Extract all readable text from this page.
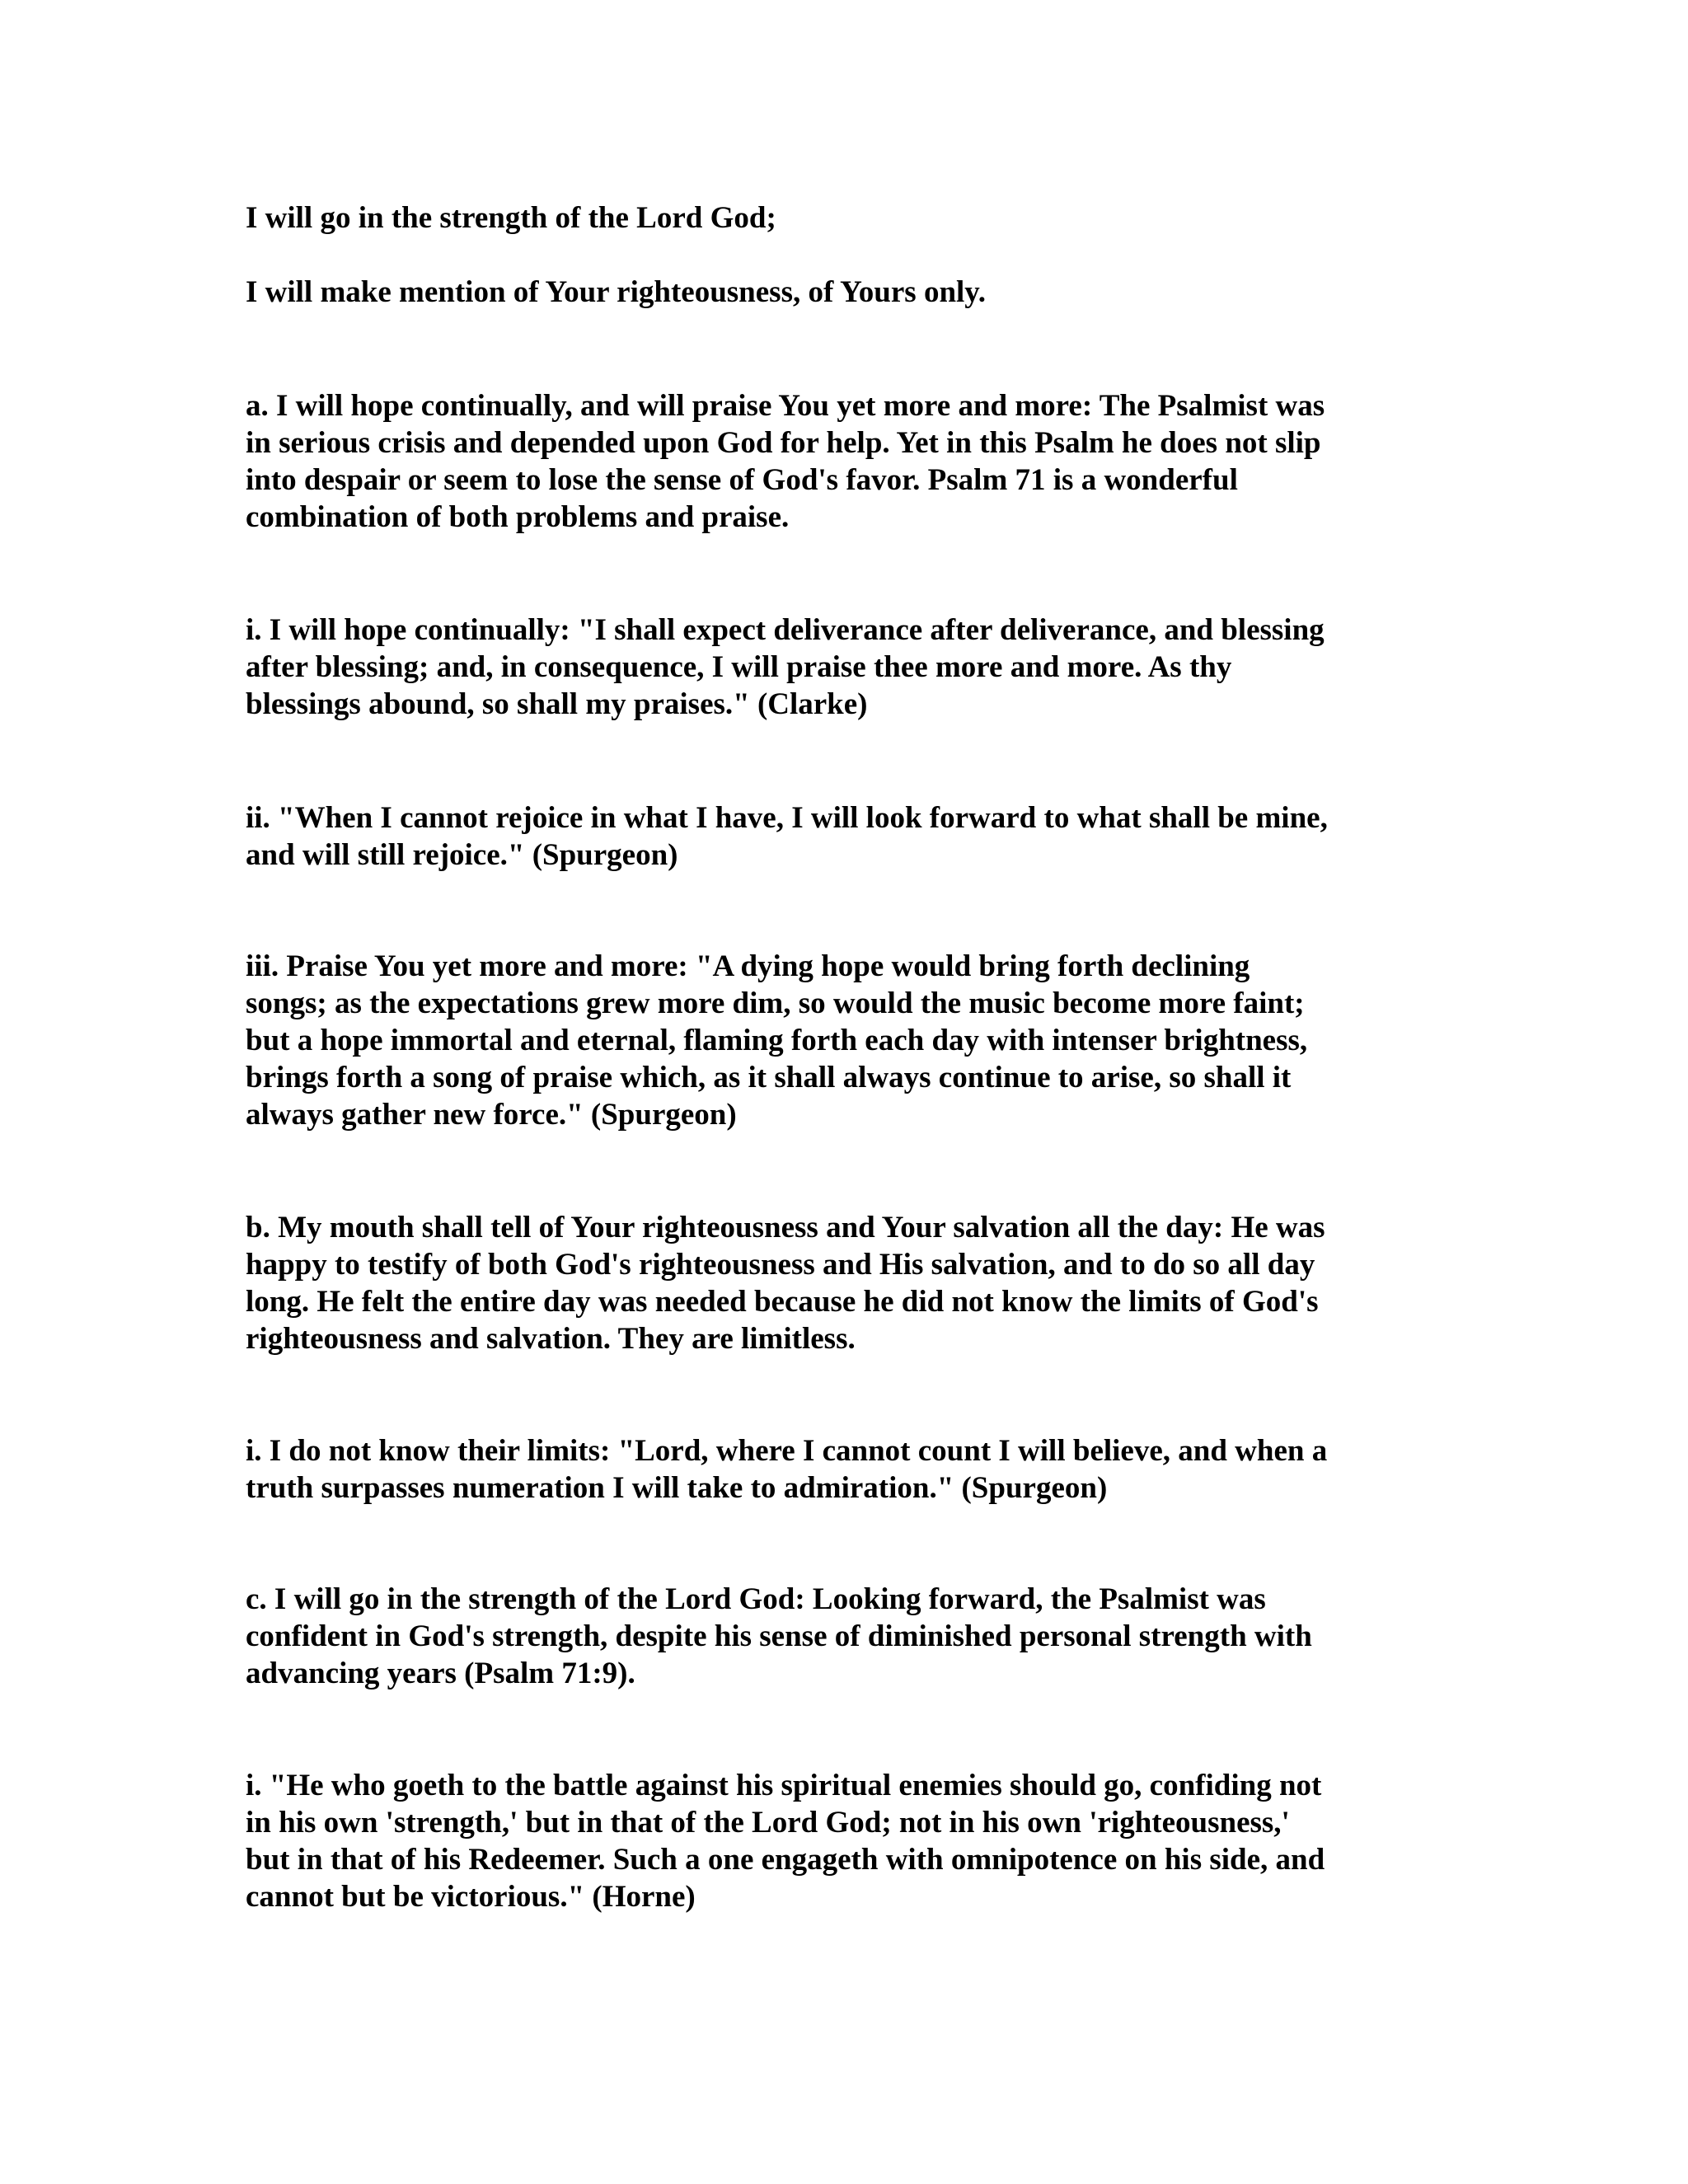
I will go in the strength of the Lord God;

I will make mention of Your righteousness, of Yours only.

a. I will hope continually, and will praise You yet more and more: The Psalmist was
in serious crisis and depended upon God for help. Yet in this Psalm he does not slip
into despair or seem to lose the sense of God's favor. Psalm 71 is a wonderful
combination of both problems and praise.

i. I will hope continually: "I shall expect deliverance after deliverance, and blessing
after blessing; and, in consequence, I will praise thee more and more. As thy
blessings abound, so shall my praises." (Clarke)

ii. "When I cannot rejoice in what I have, I will look forward to what shall be mine,
and will still rejoice." (Spurgeon)

iii. Praise You yet more and more: "A dying hope would bring forth declining
songs; as the expectations grew more dim, so would the music become more faint;
but a hope immortal and eternal, flaming forth each day with intenser brightness,
brings forth a song of praise which, as it shall always continue to arise, so shall it
always gather new force." (Spurgeon)

b. My mouth shall tell of Your righteousness and Your salvation all the day: He was
happy to testify of both God's righteousness and His salvation, and to do so all day
long. He felt the entire day was needed because he did not know the limits of God's
righteousness and salvation. They are limitless.

i. I do not know their limits: "Lord, where I cannot count I will believe, and when a
truth surpasses numeration I will take to admiration." (Spurgeon)

c. I will go in the strength of the Lord God: Looking forward, the Psalmist was
confident in God's strength, despite his sense of diminished personal strength with
advancing years (Psalm 71:9).

i. "He who goeth to the battle against his spiritual enemies should go, confiding not
in his own 'strength,' but in that of the Lord God; not in his own 'righteousness,'
but in that of his Redeemer. Such a one engageth with omnipotence on his side, and
cannot but be victorious." (Horne)
